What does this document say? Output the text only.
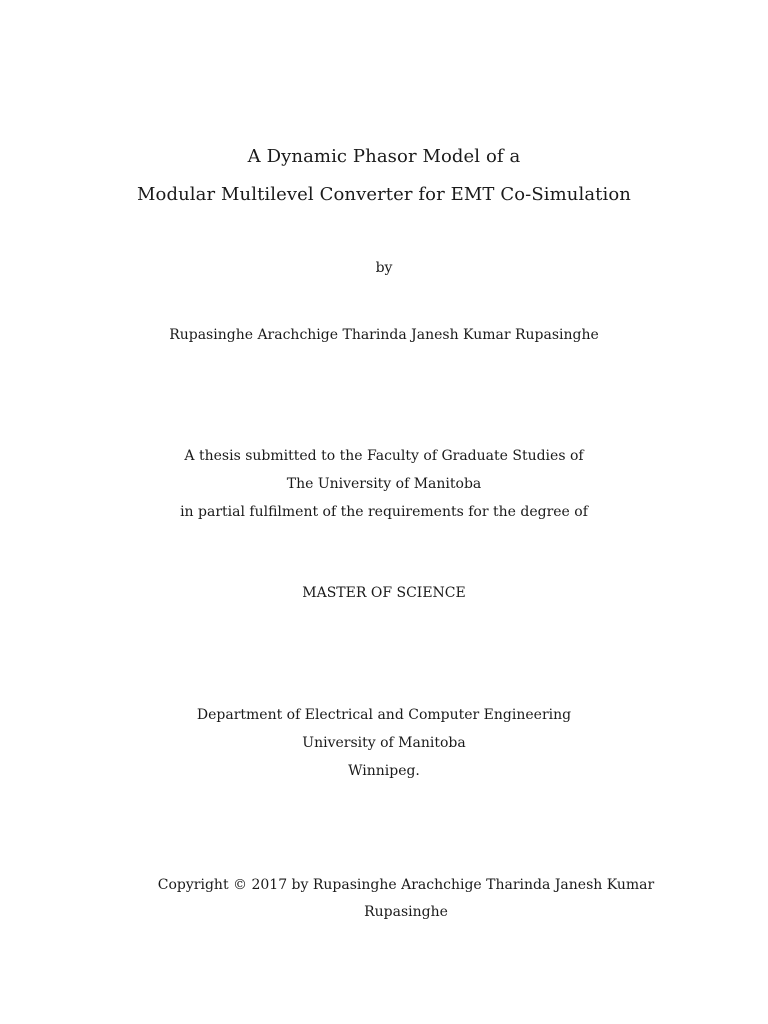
A Dynamic Phasor Model of a

Modular Multilevel Converter for EMT Co-Simulation

by

Rupasinghe Arachchige Tharinda Janesh Kumar Rupasinghe

A thesis submitted to the Faculty of Graduate Studies of

The University of Manitoba

in partial fulfilment of the requirements for the degree of

MASTER OF SCIENCE

Department of Electrical and Computer Engineering

University of Manitoba

Winnipeg.

Copyright © 2017 by Rupasinghe Arachchige Tharinda Janesh Kumar
Rupasinghe
